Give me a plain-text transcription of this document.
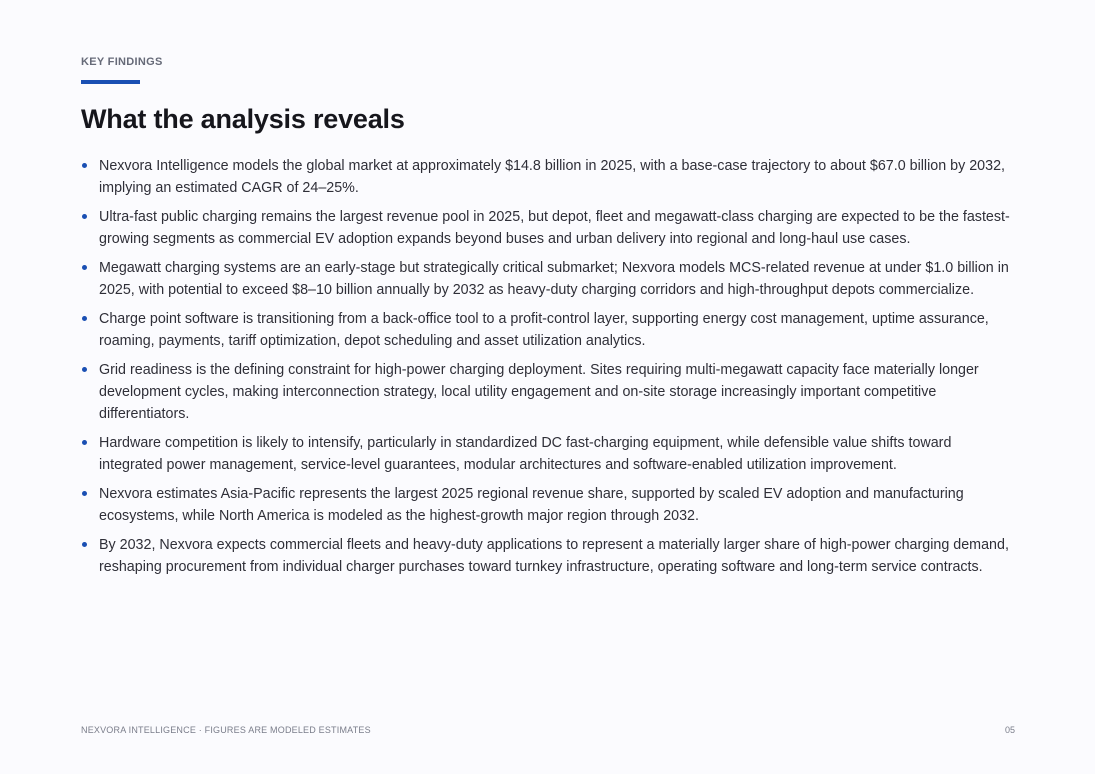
KEY FINDINGS
What the analysis reveals
Nexvora Intelligence models the global market at approximately $14.8 billion in 2025, with a base-case trajectory to about $67.0 billion by 2032, implying an estimated CAGR of 24–25%.
Ultra-fast public charging remains the largest revenue pool in 2025, but depot, fleet and megawatt-class charging are expected to be the fastest-growing segments as commercial EV adoption expands beyond buses and urban delivery into regional and long-haul use cases.
Megawatt charging systems are an early-stage but strategically critical submarket; Nexvora models MCS-related revenue at under $1.0 billion in 2025, with potential to exceed $8–10 billion annually by 2032 as heavy-duty charging corridors and high-throughput depots commercialize.
Charge point software is transitioning from a back-office tool to a profit-control layer, supporting energy cost management, uptime assurance, roaming, payments, tariff optimization, depot scheduling and asset utilization analytics.
Grid readiness is the defining constraint for high-power charging deployment. Sites requiring multi-megawatt capacity face materially longer development cycles, making interconnection strategy, local utility engagement and on-site storage increasingly important competitive differentiators.
Hardware competition is likely to intensify, particularly in standardized DC fast-charging equipment, while defensible value shifts toward integrated power management, service-level guarantees, modular architectures and software-enabled utilization improvement.
Nexvora estimates Asia-Pacific represents the largest 2025 regional revenue share, supported by scaled EV adoption and manufacturing ecosystems, while North America is modeled as the highest-growth major region through 2032.
By 2032, Nexvora expects commercial fleets and heavy-duty applications to represent a materially larger share of high-power charging demand, reshaping procurement from individual charger purchases toward turnkey infrastructure, operating software and long-term service contracts.
NEXVORA INTELLIGENCE · FIGURES ARE MODELED ESTIMATES	05
